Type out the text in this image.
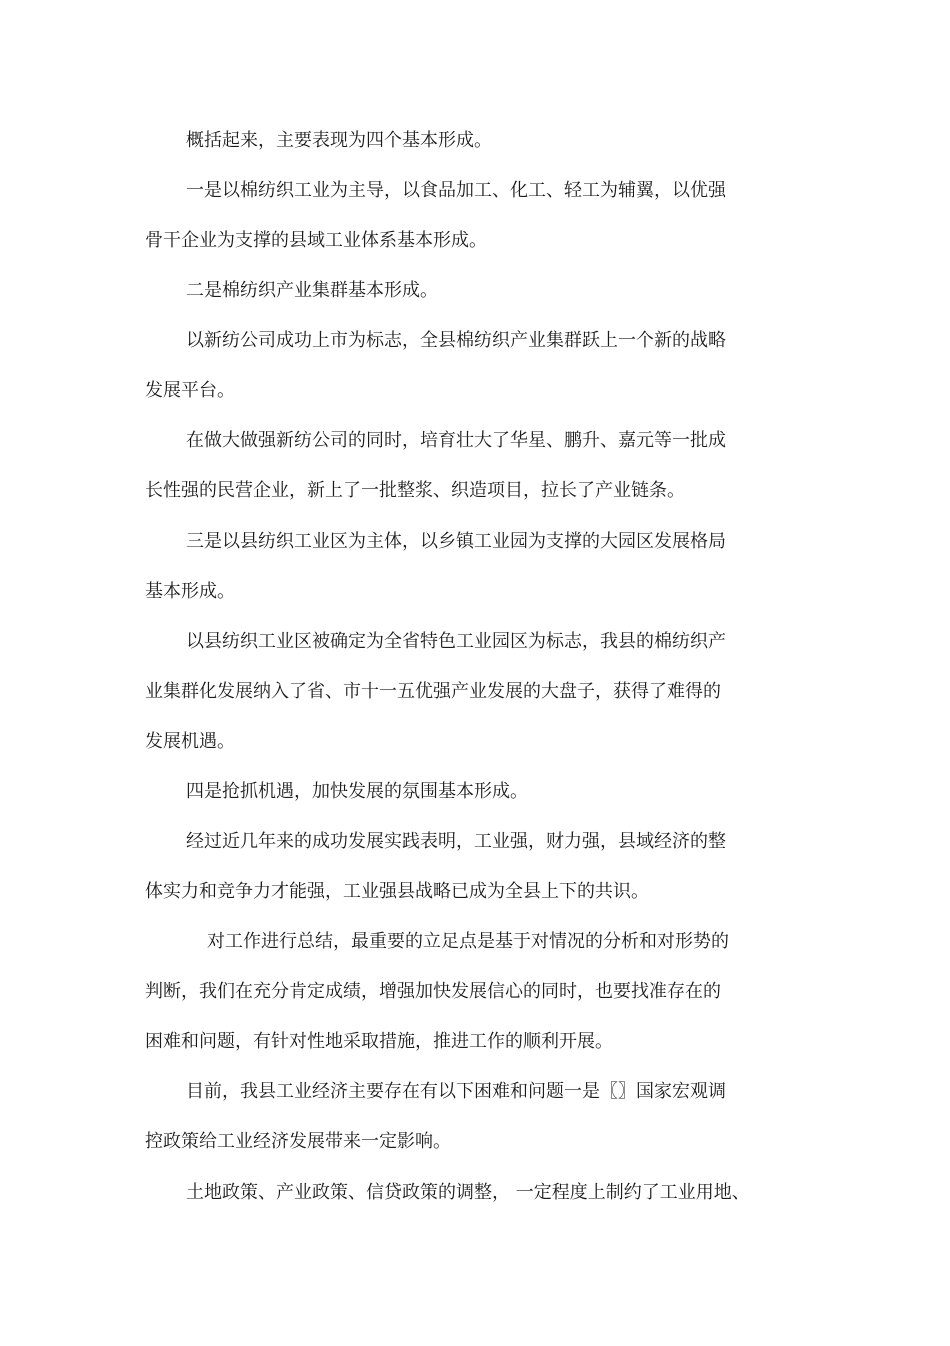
概括起来，主要表现为四个基本形成。

一是以棉纺织工业为主导，以食品加工、化工、轻工为辅翼，以优强

骨干企业为支撑的县域工业体系基本形成。

二是棉纺织产业集群基本形成。

以新纺公司成功上市为标志，全县棉纺织产业集群跃上一个新的战略

发展平台。

在做大做强新纺公司的同时，培育壮大了华星、鹏升、嘉元等一批成

长性强的民营企业，新上了一批整浆、织造项目，拉长了产业链条。

三是以县纺织工业区为主体，以乡镇工业园为支撑的大园区发展格局

基本形成。

以县纺织工业区被确定为全省特色工业园区为标志，我县的棉纺织产

业集群化发展纳入了省、市十一五优强产业发展的大盘子，获得了难得的

发展机遇。

四是抢抓机遇，加快发展的氛围基本形成。

经过近几年来的成功发展实践表明，工业强，财力强，县域经济的整

体实力和竞争力才能强，工业强县战略已成为全县上下的共识。

对工作进行总结，最重要的立足点是基于对情况的分析和对形势的

判断，我们在充分肯定成绩，增强加快发展信心的同时，也要找准存在的

困难和问题，有针对性地采取措施，推进工作的顺利开展。

目前，我县工业经济主要存在有以下困难和问题一是〖〗国家宏观调

控政策给工业经济发展带来一定影响。

土地政策、产业政策、信贷政策的调整， 一定程度上制约了工业用地、
